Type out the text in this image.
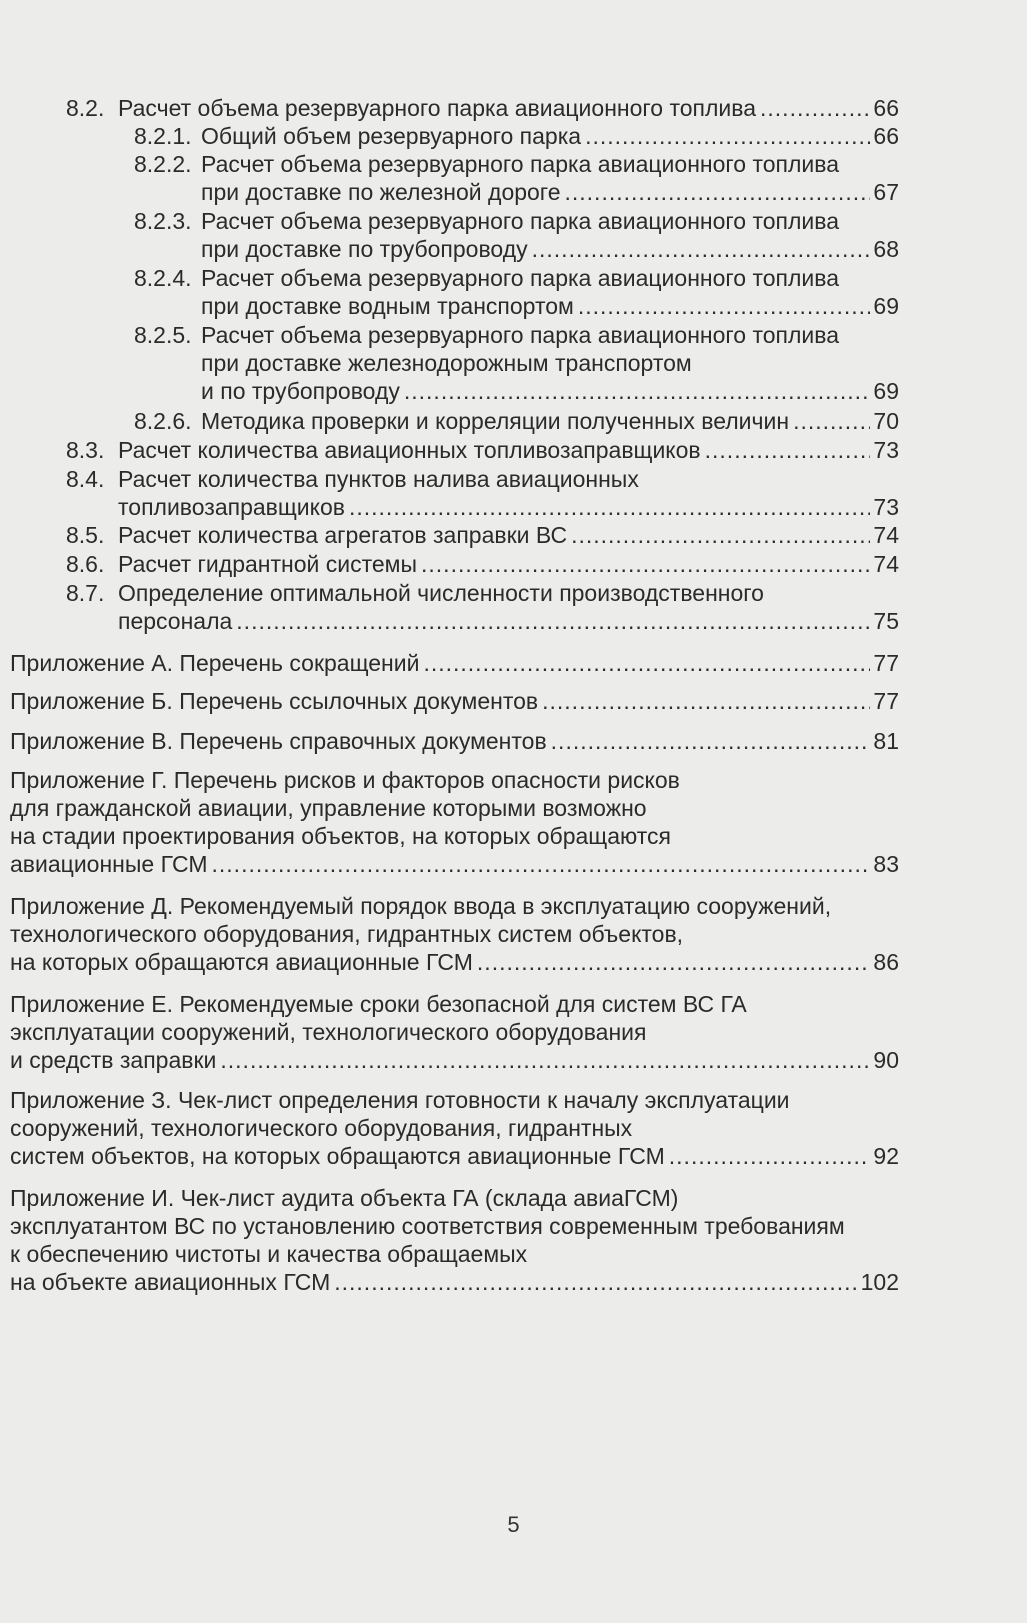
8.2. Расчет объема резервуарного парка авиационного топлива .....	66
8.2.1. Общий объем резервуарного парка .....	66
8.2.2. Расчет объема резервуарного парка авиационного топлива
при доставке по железной дороге .....	67
8.2.3. Расчет объема резервуарного парка авиационного топлива
при доставке по трубопроводу .....	68
8.2.4. Расчет объема резервуарного парка авиационного топлива
при доставке водным транспортом .....	69
8.2.5. Расчет объема резервуарного парка авиационного топлива
при доставке железнодорожным транспортом
и по трубопроводу .....	69
8.2.6. Методика проверки и корреляции полученных величин .....	70
8.3. Расчет количества авиационных топливозаправщиков .....	73
8.4. Расчет количества пунктов налива авиационных
топливозаправщиков .....	73
8.5. Расчет количества агрегатов заправки ВС .....	74
8.6. Расчет гидрантной системы .....	74
8.7. Определение оптимальной численности производственного
персонала .....	75
Приложение А. Перечень сокращений .....	77
Приложение Б. Перечень ссылочных документов .....	77
Приложение В. Перечень справочных документов .....	81
Приложение Г. Перечень рисков и факторов опасности рисков
для гражданской авиации, управление которыми возможно
на стадии проектирования объектов, на которых обращаются
авиационные ГСМ .....	83
Приложение Д. Рекомендуемый порядок ввода в эксплуатацию сооружений,
технологического оборудования, гидрантных систем объектов,
на которых обращаются авиационные ГСМ .....	86
Приложение Е. Рекомендуемые сроки безопасной для систем ВС ГА
эксплуатации сооружений, технологического оборудования
и средств заправки .....	90
Приложение З. Чек-лист определения готовности к началу эксплуатации
сооружений, технологического оборудования, гидрантных
систем объектов, на которых обращаются авиационные ГСМ .....	92
Приложение И. Чек-лист аудита объекта ГА (склада авиаГСМ)
эксплуатантом ВС по установлению соответствия современным требованиям
к обеспечению чистоты и качества обращаемых
на объекте авиационных ГСМ .....	102
5
